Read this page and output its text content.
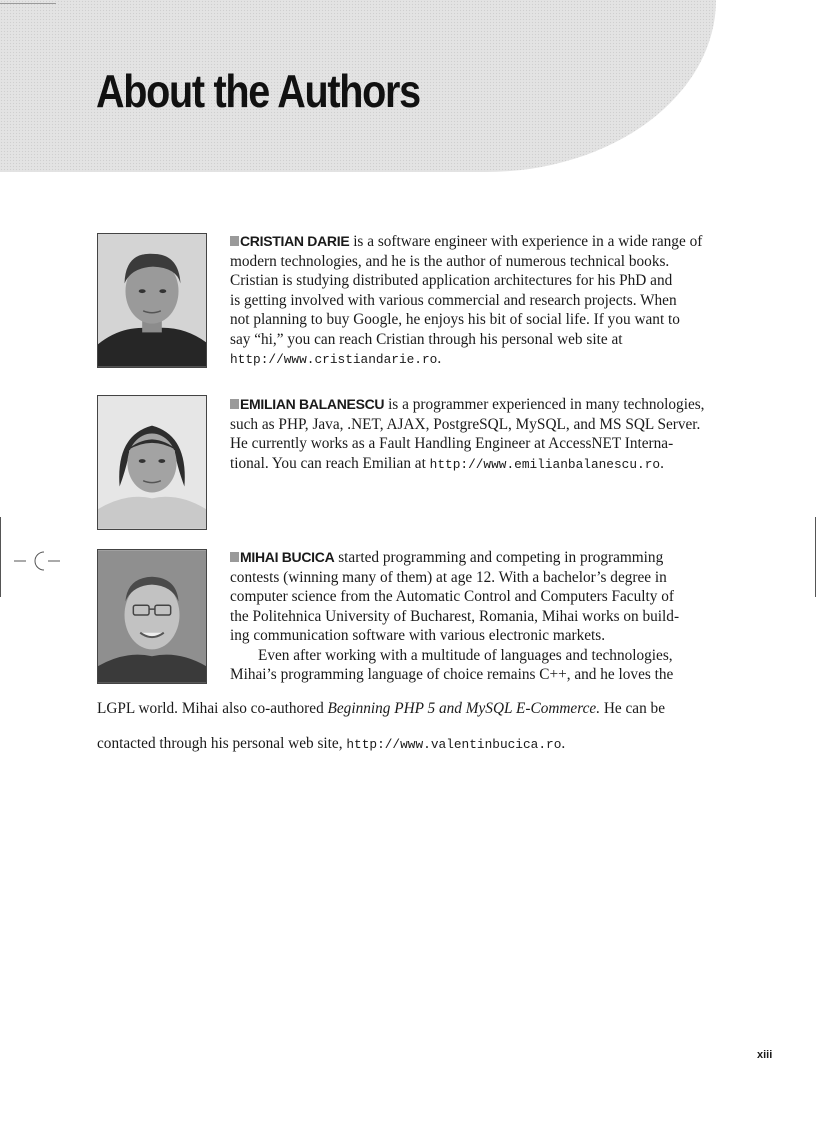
About the Authors

CRISTIAN DARIE is a software engineer with experience in a wide range of

modern technologies, and he is the author of numerous technical books.

Cristian is studying distributed application architectures for his PhD and

is getting involved with various commercial and research projects. When

not planning to buy Google, he enjoys his bit of social life. If you want to

say “hi,” you can reach Cristian through his personal web site at

http://www.cristiandarie.ro.

EMILIAN BALANESCU is a programmer experienced in many technologies,

such as PHP, Java, .NET, AJAX, PostgreSQL, MySQL, and MS SQL Server.

He currently works as a Fault Handling Engineer at AccessNET Interna-

tional. You can reach Emilian at http://www.emilianbalanescu.ro.

MIHAI BUCICA started programming and competing in programming

contests (winning many of them) at age 12. With a bachelor’s degree in

computer science from the Automatic Control and Computers Faculty of

the Politehnica University of Bucharest, Romania, Mihai works on build-

ing communication software with various electronic markets.

Even after working with a multitude of languages and technologies,

Mihai’s programming language of choice remains C++, and he loves the

LGPL world. Mihai also co-authored Beginning PHP 5 and MySQL E-Commerce. He can be

contacted through his personal web site, http://www.valentinbucica.ro.

xiii
